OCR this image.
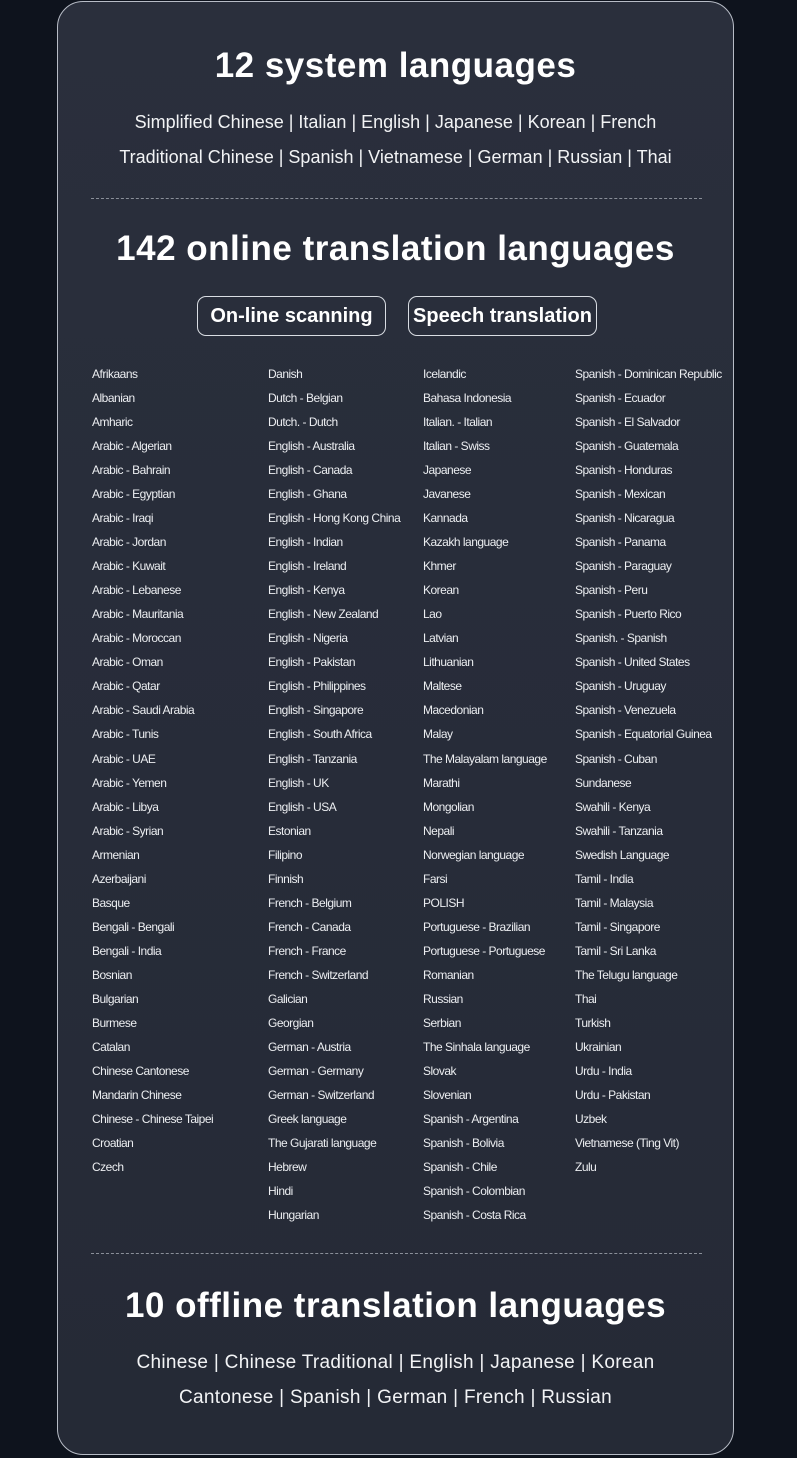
12 system languages
Simplified Chinese | Italian | English | Japanese | Korean | French
Traditional Chinese | Spanish | Vietnamese | German | Russian | Thai
142 online translation languages
On-line scanning	Speech translation
Afrikaans
Albanian
Amharic
Arabic - Algerian
Arabic - Bahrain
Arabic - Egyptian
Arabic - Iraqi
Arabic - Jordan
Arabic - Kuwait
Arabic - Lebanese
Arabic - Mauritania
Arabic - Moroccan
Arabic - Oman
Arabic - Qatar
Arabic - Saudi Arabia
Arabic - Tunis
Arabic - UAE
Arabic - Yemen
Arabic - Libya
Arabic - Syrian
Armenian
Azerbaijani
Basque
Bengali - Bengali
Bengali - India
Bosnian
Bulgarian
Burmese
Catalan
Chinese Cantonese
Mandarin Chinese
Chinese - Chinese Taipei
Croatian
Czech
Danish
Dutch - Belgian
Dutch. - Dutch
English - Australia
English - Canada
English - Ghana
English - Hong Kong China
English - Indian
English - Ireland
English - Kenya
English - New Zealand
English - Nigeria
English - Pakistan
English - Philippines
English - Singapore
English - South Africa
English - Tanzania
English - UK
English - USA
Estonian
Filipino
Finnish
French - Belgium
French - Canada
French - France
French - Switzerland
Galician
Georgian
German - Austria
German - Germany
German - Switzerland
Greek language
The Gujarati language
Hebrew
Hindi
Hungarian
Icelandic
Bahasa Indonesia
Italian. - Italian
Italian - Swiss
Japanese
Javanese
Kannada
Kazakh language
Khmer
Korean
Lao
Latvian
Lithuanian
Maltese
Macedonian
Malay
The Malayalam language
Marathi
Mongolian
Nepali
Norwegian language
Farsi
POLISH
Portuguese - Brazilian
Portuguese - Portuguese
Romanian
Russian
Serbian
The Sinhala language
Slovak
Slovenian
Spanish - Argentina
Spanish - Bolivia
Spanish - Chile
Spanish - Colombian
Spanish - Costa Rica
Spanish - Dominican Republic
Spanish - Ecuador
Spanish - El Salvador
Spanish - Guatemala
Spanish - Honduras
Spanish - Mexican
Spanish - Nicaragua
Spanish - Panama
Spanish - Paraguay
Spanish - Peru
Spanish - Puerto Rico
Spanish. - Spanish
Spanish - United States
Spanish - Uruguay
Spanish - Venezuela
Spanish - Equatorial Guinea
Spanish - Cuban
Sundanese
Swahili - Kenya
Swahili - Tanzania
Swedish Language
Tamil - India
Tamil - Malaysia
Tamil - Singapore
Tamil - Sri Lanka
The Telugu language
Thai
Turkish
Ukrainian
Urdu - India
Urdu - Pakistan
Uzbek
Vietnamese (Ting Vit)
Zulu
10 offline translation languages
Chinese | Chinese Traditional | English | Japanese | Korean
Cantonese | Spanish | German | French | Russian
